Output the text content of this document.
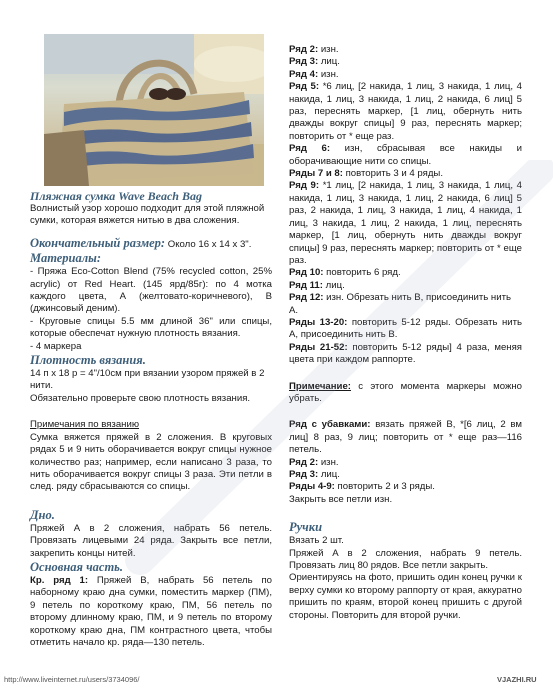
Пляжная сумка Wave Beach Bag

Волнистый узор хорошо подходит для этой пляжной сумки, которая вяжется нитью в два сложения.

Окончательный размер: Около 16 x 14 x 3".

Материалы:

- Пряжа Eco-Cotton Blend (75% recycled cotton, 25% acrylic) от Red Heart. (145 ярд/85г): по 4 мотка каждого цвета, А (желтовато-коричневого), В (джинсовый деним).

- Круговые спицы 5.5 мм длиной 36" или спицы, которые обеспечат нужную плотность вязания.

- 4 маркера

Плотность вязания.

14 п х 18 р = 4"/10см при вязании узором пряжей в 2 нити.

Обязательно проверьте свою плотность вязания.

Примечания по вязанию

Сумка вяжется пряжей в 2 сложения. В круговых рядах 5 и 9 нить оборачивается вокруг спицы нужное количество раз; например, если написано 3 раза, то нить оборачивается вокруг спицы 3 раза. Эти петли в след. ряду сбрасываются со спицы.

Дно.

Пряжей А в 2 сложения, набрать 56 петель. Провязать лицевыми 24 ряда. Закрыть все петли, закрепить концы нитей.

Основная часть.

Кр. ряд 1: Пряжей В, набрать 56 петель по наборному краю дна сумки, поместить маркер (ПМ), 9 петель по короткому краю, ПМ, 56 петель по второму длинному краю, ПМ, и 9 петель по второму короткому краю дна, ПМ контрастного цвета, чтобы отметить начало кр. ряда—130 петель.

Ряд 2: изн.

Ряд 3: лиц.

Ряд 4: изн.

Ряд 5: *6 лиц, [2 накида, 1 лиц, 3 накида, 1 лиц, 4 накида, 1 лиц, 3 накида, 1 лиц, 2 накида, 6 лиц] 5 раз, переснять маркер, [1 лиц, обернуть нить дважды вокруг спицы] 9 раз, переснять маркер; повторить от * еще раз.

Ряд 6: изн, сбрасывая все накиды и оборачивающие нити со спицы.

Ряды 7 и 8: повторить 3 и 4 ряды.

Ряд 9: *1 лиц, [2 накида, 1 лиц, 3 накида, 1 лиц, 4 накида, 1 лиц, 3 накида, 1 лиц, 2 накида, 6 лиц] 5 раз, 2 накида, 1 лиц, 3 накида, 1 лиц, 4 накида, 1 лиц, 3 накида, 1 лиц, 2 накида, 1 лиц, переснять маркер, [1 лиц, обернуть нить дважды вокруг спицы] 9 раз, переснять маркер; повторить от * еще раз.

Ряд 10: повторить 6 ряд.

Ряд 11: лиц.

Ряд 12: изн. Обрезать нить В, присоединить нить А.

Ряды 13-20: повторить 5-12 ряды. Обрезать нить А, присоединить нить В.

Ряды 21-52: повторить 5-12 ряды] 4 раза, меняя цвета при каждом раппорте.

Примечание: с этого момента маркеры можно убрать.

Ряд с убавками: вязать пряжей В, *[6 лиц, 2 вм лиц] 8 раз, 9 лиц; повторить от * еще раз—116 петель.

Ряд 2: изн.

Ряд 3: лиц.

Ряды 4-9: повторить 2 и 3 ряды.

Закрыть все петли изн.

Ручки

Вязать 2 шт.

Пряжей А в 2 сложения, набрать 9 петель. Провязать лиц 80 рядов. Все петли закрыть.

Ориентируясь на фото, пришить один конец ручки к верху сумки ко второму раппорту от края, аккуратно пришить по краям, второй конец пришить с другой стороны. Повторить для второй ручки.

http://www.liveinternet.ru/users/3734096/	VJAZHI.RU
